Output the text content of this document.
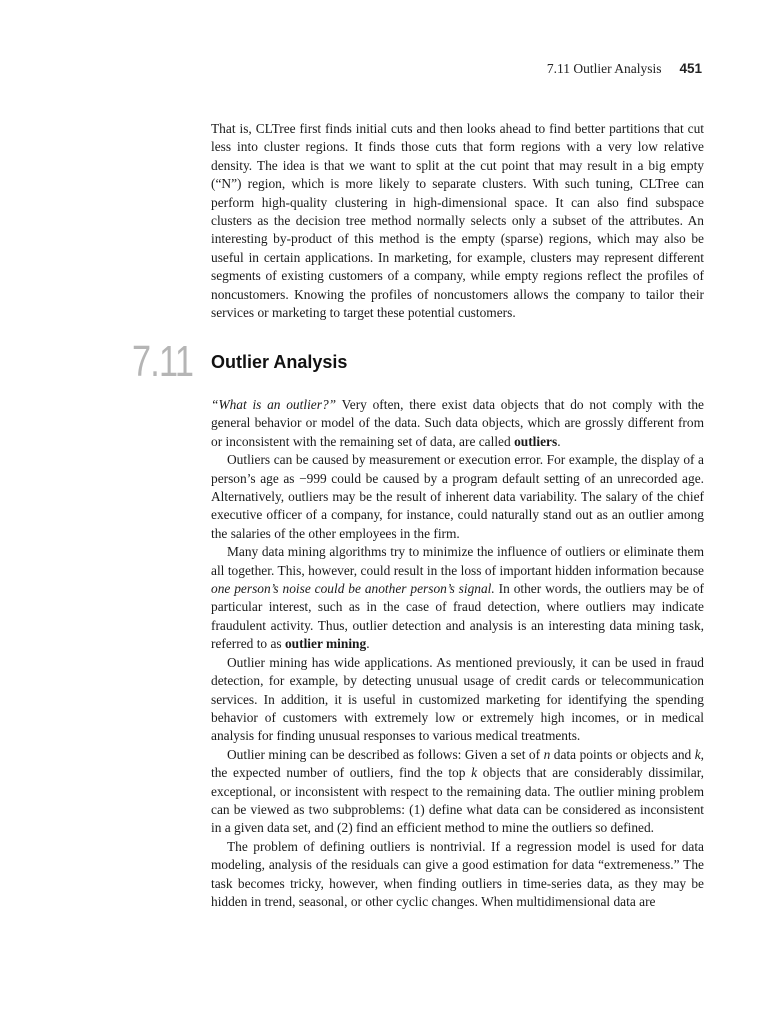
7.11 Outlier Analysis 451

That is, CLTree first finds initial cuts and then looks ahead to find better partitions that cut less into cluster regions. It finds those cuts that form regions with a very low relative density. The idea is that we want to split at the cut point that may result in a big empty (“N”) region, which is more likely to separate clusters. With such tuning, CLTree can perform high-quality clustering in high-dimensional space. It can also find subspace clusters as the decision tree method normally selects only a subset of the attributes. An interesting by-product of this method is the empty (sparse) regions, which may also be useful in certain applications. In marketing, for example, clusters may represent different segments of existing customers of a company, while empty regions reflect the profiles of noncustomers. Knowing the profiles of noncustomers allows the company to tailor their services or marketing to target these potential customers.

7.11 Outlier Analysis

“What is an outlier?” Very often, there exist data objects that do not comply with the general behavior or model of the data. Such data objects, which are grossly different from or inconsistent with the remaining set of data, are called outliers.

Outliers can be caused by measurement or execution error. For example, the display of a person’s age as −999 could be caused by a program default setting of an unrecorded age. Alternatively, outliers may be the result of inherent data variability. The salary of the chief executive officer of a company, for instance, could naturally stand out as an outlier among the salaries of the other employees in the firm.

Many data mining algorithms try to minimize the influence of outliers or eliminate them all together. This, however, could result in the loss of important hidden information because one person’s noise could be another person’s signal. In other words, the outliers may be of particular interest, such as in the case of fraud detection, where outliers may indicate fraudulent activity. Thus, outlier detection and analysis is an interesting data mining task, referred to as outlier mining.

Outlier mining has wide applications. As mentioned previously, it can be used in fraud detection, for example, by detecting unusual usage of credit cards or telecommunication services. In addition, it is useful in customized marketing for identifying the spending behavior of customers with extremely low or extremely high incomes, or in medical analysis for finding unusual responses to various medical treatments.

Outlier mining can be described as follows: Given a set of n data points or objects and k, the expected number of outliers, find the top k objects that are considerably dissimilar, exceptional, or inconsistent with respect to the remaining data. The outlier mining problem can be viewed as two subproblems: (1) define what data can be considered as inconsistent in a given data set, and (2) find an efficient method to mine the outliers so defined.

The problem of defining outliers is nontrivial. If a regression model is used for data modeling, analysis of the residuals can give a good estimation for data “extremeness.” The task becomes tricky, however, when finding outliers in time-series data, as they may be hidden in trend, seasonal, or other cyclic changes. When multidimensional data are
